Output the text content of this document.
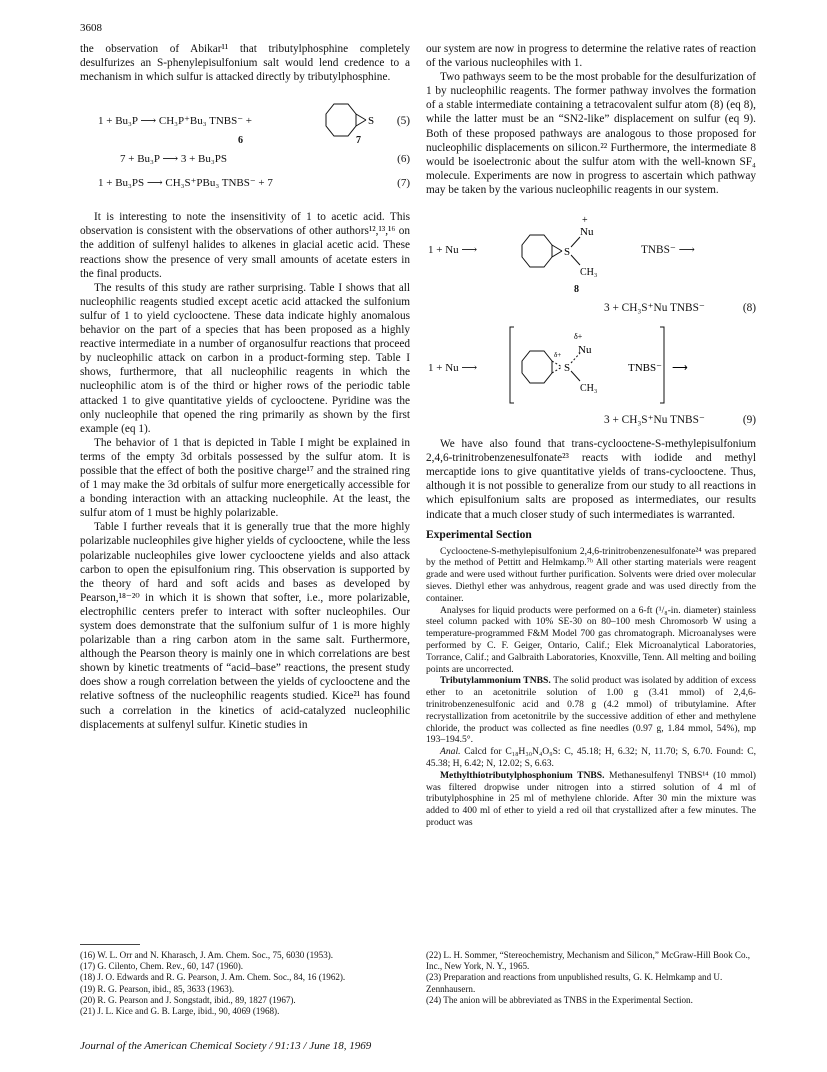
3608

the observation of Abikar¹¹ that tributylphosphine completely desulfurizes an S-phenylepisulfonium salt would lend credence to a mechanism in which sulfur is attacked directly by tributylphosphine.

1 + Bu₃P ⟶ CH₃P⁺Bu₃ TNBS⁻ +	S (5)
6	7
7 + Bu₃P ⟶ 3 + Bu₃PS	(6)
1 + Bu₃PS ⟶ CH₃S⁺PBu₃ TNBS⁻ + 7	(7)

It is interesting to note the insensitivity of 1 to acetic acid. This observation is consistent with the observations of other authors¹²,¹³,¹⁶ on the addition of sulfenyl halides to alkenes in glacial acetic acid. These reactions show the presence of very small amounts of acetate esters in the final products.

The results of this study are rather surprising. Table I shows that all nucleophilic reagents studied except acetic acid attacked the sulfonium sulfur of 1 to yield cyclooctene. These data indicate highly anomalous behavior on the part of a species that has been proposed as a highly reactive intermediate in a number of organosulfur reactions that proceed by nucleophilic attack on carbon in a product-forming step. Table I shows, furthermore, that all nucleophilic reagents in which the nucleophilic atom is of the third or higher rows of the periodic table attacked 1 to give quantitative yields of cyclooctene. Pyridine was the only nucleophile that opened the ring primarily as shown by the first example (eq 1).

The behavior of 1 that is depicted in Table I might be explained in terms of the empty 3d orbitals possessed by the sulfur atom. It is possible that the effect of both the positive charge¹⁷ and the strained ring of 1 may make the 3d orbitals of sulfur more energetically accessible for a bonding interaction with an attacking nucleophile. At the least, the sulfur atom of 1 must be highly polarizable.

Table I further reveals that it is generally true that the more highly polarizable nucleophiles give higher yields of cyclooctene, while the less polarizable nucleophiles give lower cyclooctene yields and also attack carbon to open the episulfonium ring. This observation is supported by the theory of hard and soft acids and bases as developed by Pearson,¹⁸⁻²⁰ in which it is shown that softer, i.e., more polarizable, electrophilic centers prefer to interact with softer nucleophiles. Our system does demonstrate that the sulfonium sulfur of 1 is more highly polarizable than a ring carbon atom in the same salt. Furthermore, although the Pearson theory is mainly one in which correlations are best shown by kinetic treatments of “acid–base” reactions, the present study does show a rough correlation between the yields of cyclooctene and the relative softness of the nucleophilic reagents studied. Kice²¹ has found such a correlation in the kinetics of acid-catalyzed nucleophilic displacements at sulfenyl sulfur. Kinetic studies in

our system are now in progress to determine the relative rates of reaction of the various nucleophiles with 1.

Two pathways seem to be the most probable for the desulfurization of 1 by nucleophilic reagents. The former pathway involves the formation of a stable intermediate containing a tetracovalent sulfur atom (8) (eq 8), while the latter must be an “SN2-like” displacement on sulfur (eq 9). Both of these proposed pathways are analogous to those proposed for nucleophilic displacements on silicon.²² Furthermore, the intermediate 8 would be isoelectronic about the sulfur atom with the well-known SF₄ molecule. Experiments are now in progress to ascertain which pathway may be taken by the various nucleophilic reagents in our system.

1 + Nu ⟶	S
+
Nu
CH₃
TNBS⁻ ⟶
8
3 + CH₃S⁺Nu TNBS⁻	(8)
1 + Nu ⟶	S
δ+
Nu
δ+
CH₃
TNBS⁻ ⟶
3 + CH₃S⁺Nu TNBS⁻	(9)

We have also found that trans-cyclooctene-S-methylepisulfonium 2,4,6-trinitrobenzenesulfonate²³ reacts with iodide and methyl mercaptide ions to give quantitative yields of trans-cyclooctene. Thus, although it is not possible to generalize from our study to all reactions in which episulfonium salts are proposed as intermediates, our results indicate that a much closer study of such intermediates is warranted.

Experimental Section

Cyclooctene-S-methylepisulfonium 2,4,6-trinitrobenzenesulfonate²⁴ was prepared by the method of Pettitt and Helmkamp.⁷ᵇ All other starting materials were reagent grade and were used without further purification. Solvents were dried over molecular sieves. Diethyl ether was anhydrous, reagent grade and was used directly from the container.

Analyses for liquid products were performed on a 6-ft (¹/₈-in. diameter) stainless steel column packed with 10% SE-30 on 80–100 mesh Chromosorb W using a temperature-programmed F&M Model 700 gas chromatograph. Microanalyses were performed by C. F. Geiger, Ontario, Calif.; Elek Microanalytical Laboratories, Torrance, Calif.; and Galbraith Laboratories, Knoxville, Tenn. All melting and boiling points are uncorrected.

Tributylammonium TNBS. The solid product was isolated by addition of excess ether to an acetonitrile solution of 1.00 g (3.41 mmol) of 2,4,6-trinitrobenzenesulfonic acid and 0.78 g (4.2 mmol) of tributylamine. After recrystallization from acetonitrile by the successive addition of ether and methylene chloride, the product was collected as fine needles (0.97 g, 1.84 mmol, 54%), mp 193–194.5°.

Anal. Calcd for C₁₈H₃₀N₄O₉S: C, 45.18; H, 6.32; N, 11.70; S, 6.70. Found: C, 45.38; H, 6.42; N, 12.02; S, 6.63.

Methylthiotributylphosphonium TNBS. Methanesulfenyl TNBS¹⁴ (10 mmol) was filtered dropwise under nitrogen into a stirred solution of 4 ml of tributylphosphine in 25 ml of methylene chloride. After 30 min the mixture was added to 400 ml of ether to yield a red oil that crystallized after a few minutes. The product was

(16) W. L. Orr and N. Kharasch, J. Am. Chem. Soc., 75, 6030 (1953).
(17) G. Cilento, Chem. Rev., 60, 147 (1960).
(18) J. O. Edwards and R. G. Pearson, J. Am. Chem. Soc., 84, 16 (1962).
(19) R. G. Pearson, ibid., 85, 3633 (1963).
(20) R. G. Pearson and J. Songstadt, ibid., 89, 1827 (1967).
(21) J. L. Kice and G. B. Large, ibid., 90, 4069 (1968).
(22) L. H. Sommer, “Stereochemistry, Mechanism and Silicon,” McGraw-Hill Book Co., Inc., New York, N. Y., 1965.
(23) Preparation and reactions from unpublished results, G. K. Helmkamp and U. Zennhausern.
(24) The anion will be abbreviated as TNBS in the Experimental Section.
Journal of the American Chemical Society / 91:13 / June 18, 1969
